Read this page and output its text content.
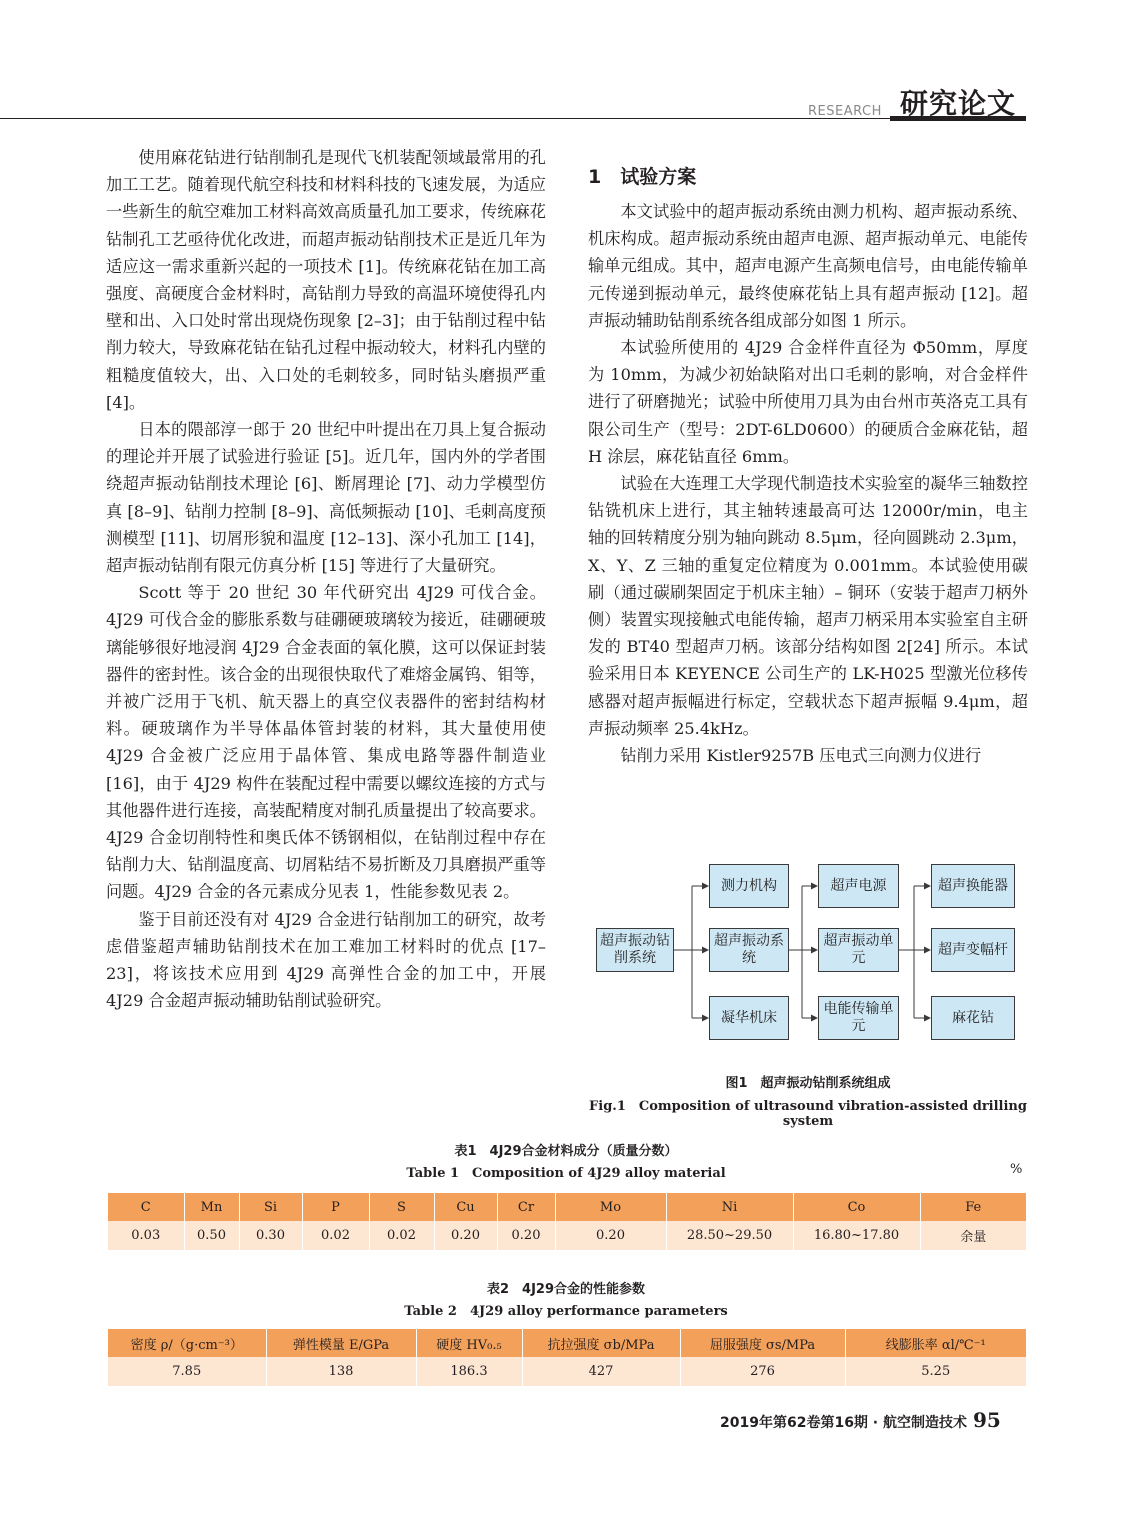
RESEARCH 研究论文

使用麻花钻进行钻削制孔是现代飞机装配领域最常用的孔加工工艺。随着现代航空科技和材料科技的飞速发展，为适应一些新生的航空难加工材料高效高质量孔加工要求，传统麻花钻制孔工艺亟待优化改进，而超声振动钻削技术正是近几年为适应这一需求重新兴起的一项技术 [1]。传统麻花钻在加工高强度、高硬度合金材料时，高钻削力导致的高温环境使得孔内壁和出、入口处时常出现烧伤现象 [2–3]；由于钻削过程中钻削力较大，导致麻花钻在钻孔过程中振动较大，材料孔内壁的粗糙度值较大，出、入口处的毛刺较多，同时钻头磨损严重 [4]。

日本的隈部淳一郎于 20 世纪中叶提出在刀具上复合振动的理论并开展了试验进行验证 [5]。近几年，国内外的学者围绕超声振动钻削技术理论 [6]、断屑理论 [7]、动力学模型仿真 [8–9]、钻削力控制 [8–9]、高低频振动 [10]、毛刺高度预测模型 [11]、切屑形貌和温度 [12–13]、深小孔加工 [14]，超声振动钻削有限元仿真分析 [15] 等进行了大量研究。

Scott 等于 20 世纪 30 年代研究出 4J29 可伐合金。4J29 可伐合金的膨胀系数与硅硼硬玻璃较为接近，硅硼硬玻璃能够很好地浸润 4J29 合金表面的氧化膜，这可以保证封装器件的密封性。该合金的出现很快取代了难熔金属钨、钼等，并被广泛用于飞机、航天器上的真空仪表器件的密封结构材料。硬玻璃作为半导体晶体管封装的材料，其大量使用使 4J29 合金被广泛应用于晶体管、集成电路等器件制造业 [16]，由于 4J29 构件在装配过程中需要以螺纹连接的方式与其他器件进行连接，高装配精度对制孔质量提出了较高要求。4J29 合金切削特性和奥氏体不锈钢相似，在钻削过程中存在钻削力大、钻削温度高、切屑粘结不易折断及刀具磨损严重等问题。4J29 合金的各元素成分见表 1，性能参数见表 2。

鉴于目前还没有对 4J29 合金进行钻削加工的研究，故考虑借鉴超声辅助钻削技术在加工难加工材料时的优点 [17–23]，将该技术应用到 4J29 高弹性合金的加工中，开展 4J29 合金超声振动辅助钻削试验研究。

1　试验方案

本文试验中的超声振动系统由测力机构、超声振动系统、机床构成。超声振动系统由超声电源、超声振动单元、电能传输单元组成。其中，超声电源产生高频电信号，由电能传输单元传递到振动单元，最终使麻花钻上具有超声振动 [12]。超声振动辅助钻削系统各组成部分如图 1 所示。

本试验所使用的 4J29 合金样件直径为 Φ50mm，厚度为 10mm，为减少初始缺陷对出口毛刺的影响，对合金样件进行了研磨抛光；试验中所使用刀具为由台州市英洛克工具有限公司生产（型号：2DT-6LD0600）的硬质合金麻花钻，超 H 涂层，麻花钻直径 6mm。

试验在大连理工大学现代制造技术实验室的凝华三轴数控钻铣机床上进行，其主轴转速最高可达 12000r/min，电主轴的回转精度分别为轴向跳动 8.5μm，径向圆跳动 2.3μm，X、Y、Z 三轴的重复定位精度为 0.001mm。本试验使用碳刷（通过碳刷架固定于机床主轴）– 铜环（安装于超声刀柄外侧）装置实现接触式电能传输，超声刀柄采用本实验室自主研发的 BT40 型超声刀柄。该部分结构如图 2[24] 所示。本试验采用日本 KEYENCE 公司生产的 LK-H025 型激光位移传感器对超声振幅进行标定，空载状态下超声振幅 9.4μm，超声振动频率 25.4kHz。

钻削力采用 Kistler9257B 压电式三向测力仪进行

超声振动钻削系统
测力机构
超声振动系统
凝华机床
超声电源
超声振动单元
电能传输单元
超声换能器
超声变幅杆
麻花钻
图1　超声振动钻削系统组成
Fig.1　Composition of ultrasound vibration-assisted drilling system
表1　4J29合金材料成分（质量分数）
Table 1　Composition of 4J29 alloy material	%
C	Mn	Si	P	S	Cu	Cr	Mo	Ni	Co	Fe
0.03	0.50	0.30	0.02	0.02	0.20	0.20	0.20	28.50~29.50	16.80~17.80	余量
表2　4J29合金的性能参数
Table 2　4J29 alloy performance parameters
密度 ρ/（g·cm⁻³）	弹性模量 E/GPa	硬度 HV₀.₅	抗拉强度 σb/MPa	屈服强度 σs/MPa	线膨胀率 αl/℃⁻¹
7.85	138	186.3	427	276	5.25
2019年第62卷第16期 · 航空制造技术 95
